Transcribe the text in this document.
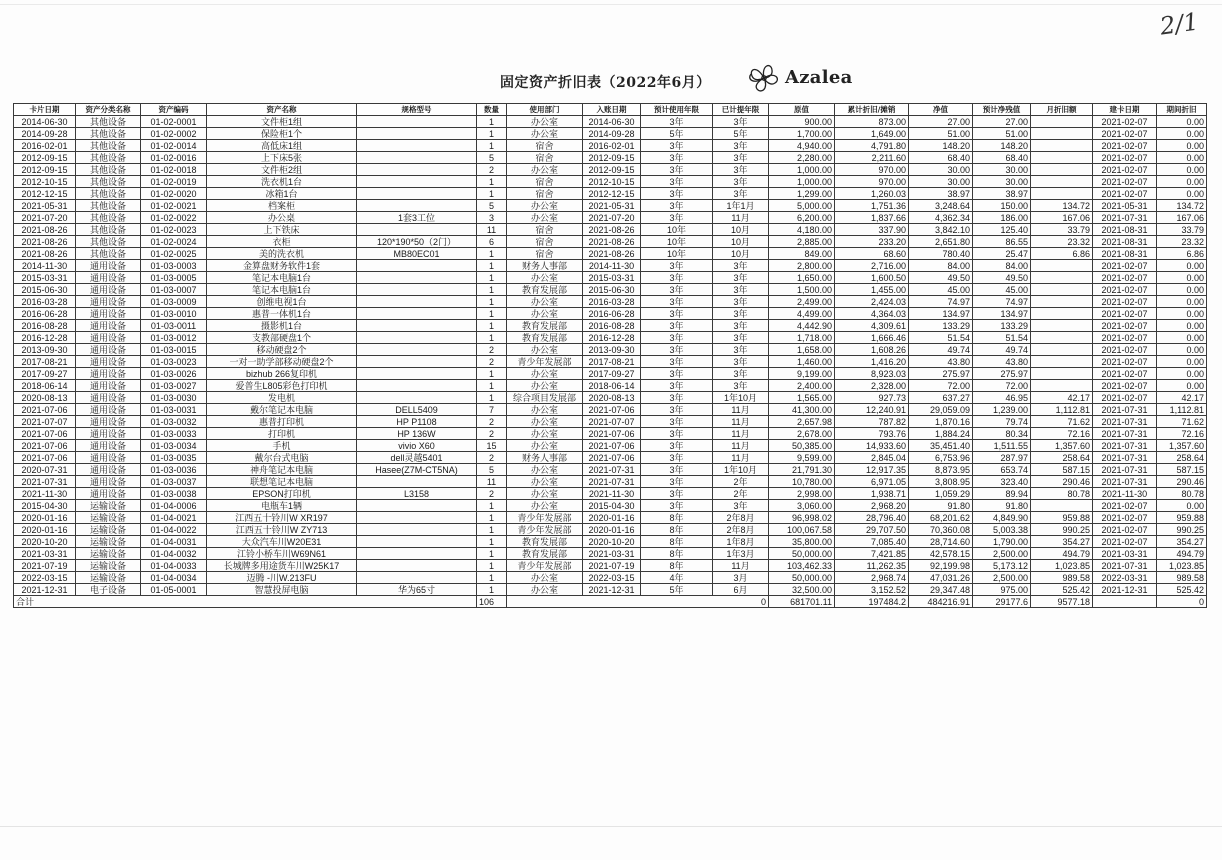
2/1
固定资产折旧表（2022年6月）	Azalea
卡片日期	资产分类名称	资产编码	资产名称	规格型号	数量	使用部门	入账日期	预计使用年限	已计提年限	原值	累计折旧/摊销	净值	预计净残值	月折旧额	建卡日期	期间折旧
2014-06-30	其他设备	01-02-0001	文件柜1组		1	办公室	2014-06-30	3年	3年	900.00	873.00	27.00	27.00		2021-02-07	0.00
2014-09-28	其他设备	01-02-0002	保险柜1个		1	办公室	2014-09-28	5年	5年	1,700.00	1,649.00	51.00	51.00		2021-02-07	0.00
2016-02-01	其他设备	01-02-0014	高低床1组		1	宿舍	2016-02-01	3年	3年	4,940.00	4,791.80	148.20	148.20		2021-02-07	0.00
2012-09-15	其他设备	01-02-0016	上下床5张		5	宿舍	2012-09-15	3年	3年	2,280.00	2,211.60	68.40	68.40		2021-02-07	0.00
2012-09-15	其他设备	01-02-0018	文件柜2组		2	办公室	2012-09-15	3年	3年	1,000.00	970.00	30.00	30.00		2021-02-07	0.00
2012-10-15	其他设备	01-02-0019	洗衣机1台		1	宿舍	2012-10-15	3年	3年	1,000.00	970.00	30.00	30.00		2021-02-07	0.00
2012-12-15	其他设备	01-02-0020	冰箱1台		1	宿舍	2012-12-15	3年	3年	1,299.00	1,260.03	38.97	38.97		2021-02-07	0.00
2021-05-31	其他设备	01-02-0021	档案柜		5	办公室	2021-05-31	3年	1年1月	5,000.00	1,751.36	3,248.64	150.00	134.72	2021-05-31	134.72
2021-07-20	其他设备	01-02-0022	办公桌	1套3工位	3	办公室	2021-07-20	3年	11月	6,200.00	1,837.66	4,362.34	186.00	167.06	2021-07-31	167.06
2021-08-26	其他设备	01-02-0023	上下铁床		11	宿舍	2021-08-26	10年	10月	4,180.00	337.90	3,842.10	125.40	33.79	2021-08-31	33.79
2021-08-26	其他设备	01-02-0024	衣柜	120*190*50（2门）	6	宿舍	2021-08-26	10年	10月	2,885.00	233.20	2,651.80	86.55	23.32	2021-08-31	23.32
2021-08-26	其他设备	01-02-0025	美的洗衣机	MB80EC01	1	宿舍	2021-08-26	10年	10月	849.00	68.60	780.40	25.47	6.86	2021-08-31	6.86
2014-11-30	通用设备	01-03-0003	金算盘财务软件1套		1	财务人事部	2014-11-30	3年	3年	2,800.00	2,716.00	84.00	84.00		2021-02-07	0.00
2015-03-31	通用设备	01-03-0005	笔记本电脑1台		1	办公室	2015-03-31	3年	3年	1,650.00	1,600.50	49.50	49.50		2021-02-07	0.00
2015-06-30	通用设备	01-03-0007	笔记本电脑1台		1	教育发展部	2015-06-30	3年	3年	1,500.00	1,455.00	45.00	45.00		2021-02-07	0.00
2016-03-28	通用设备	01-03-0009	创维电视1台		1	办公室	2016-03-28	3年	3年	2,499.00	2,424.03	74.97	74.97		2021-02-07	0.00
2016-06-28	通用设备	01-03-0010	惠普一体机1台		1	办公室	2016-06-28	3年	3年	4,499.00	4,364.03	134.97	134.97		2021-02-07	0.00
2016-08-28	通用设备	01-03-0011	摄影机1台		1	教育发展部	2016-08-28	3年	3年	4,442.90	4,309.61	133.29	133.29		2021-02-07	0.00
2016-12-28	通用设备	01-03-0012	支教部硬盘1个		1	教育发展部	2016-12-28	3年	3年	1,718.00	1,666.46	51.54	51.54		2021-02-07	0.00
2013-09-30	通用设备	01-03-0015	移动硬盘2个		2	办公室	2013-09-30	3年	3年	1,658.00	1,608.26	49.74	49.74		2021-02-07	0.00
2017-08-21	通用设备	01-03-0023	一对一助学部移动硬盘2个		2	青少年发展部	2017-08-21	3年	3年	1,460.00	1,416.20	43.80	43.80		2021-02-07	0.00
2017-09-27	通用设备	01-03-0026	bizhub 266复印机		1	办公室	2017-09-27	3年	3年	9,199.00	8,923.03	275.97	275.97		2021-02-07	0.00
2018-06-14	通用设备	01-03-0027	爱普生L805彩色打印机		1	办公室	2018-06-14	3年	3年	2,400.00	2,328.00	72.00	72.00		2021-02-07	0.00
2020-08-13	通用设备	01-03-0030	发电机		1	综合项目发展部	2020-08-13	3年	1年10月	1,565.00	927.73	637.27	46.95	42.17	2021-02-07	42.17
2021-07-06	通用设备	01-03-0031	戴尔笔记本电脑	DELL5409	7	办公室	2021-07-06	3年	11月	41,300.00	12,240.91	29,059.09	1,239.00	1,112.81	2021-07-31	1,112.81
2021-07-07	通用设备	01-03-0032	惠普打印机	HP P1108	2	办公室	2021-07-07	3年	11月	2,657.98	787.82	1,870.16	79.74	71.62	2021-07-31	71.62
2021-07-06	通用设备	01-03-0033	打印机	HP 136W	2	办公室	2021-07-06	3年	11月	2,678.00	793.76	1,884.24	80.34	72.16	2021-07-31	72.16
2021-07-06	通用设备	01-03-0034	手机	vivio X60	15	办公室	2021-07-06	3年	11月	50,385.00	14,933.60	35,451.40	1,511.55	1,357.60	2021-07-31	1,357.60
2021-07-06	通用设备	01-03-0035	戴尔台式电脑	dell灵越5401	2	财务人事部	2021-07-06	3年	11月	9,599.00	2,845.04	6,753.96	287.97	258.64	2021-07-31	258.64
2020-07-31	通用设备	01-03-0036	神舟笔记本电脑	Hasee(Z7M-CT5NA)	5	办公室	2021-07-31	3年	1年10月	21,791.30	12,917.35	8,873.95	653.74	587.15	2021-07-31	587.15
2021-07-31	通用设备	01-03-0037	联想笔记本电脑		11	办公室	2021-07-31	3年	2年	10,780.00	6,971.05	3,808.95	323.40	290.46	2021-07-31	290.46
2021-11-30	通用设备	01-03-0038	EPSON打印机	L3158	2	办公室	2021-11-30	3年	2年	2,998.00	1,938.71	1,059.29	89.94	80.78	2021-11-30	80.78
2015-04-30	运输设备	01-04-0006	电瓶车1辆		1	办公室	2015-04-30	3年	3年	3,060.00	2,968.20	91.80	91.80		2021-02-07	0.00
2020-01-16	运输设备	01-04-0021	江西五十铃川W XR197		1	青少年发展部	2020-01-16	8年	2年8月	96,998.02	28,796.40	68,201.62	4,849.90	959.88	2021-02-07	959.88
2020-01-16	运输设备	01-04-0022	江西五十铃川W ZY713		1	青少年发展部	2020-01-16	8年	2年8月	100,067.58	29,707.50	70,360.08	5,003.38	990.25	2021-02-07	990.25
2020-10-20	运输设备	01-04-0031	大众汽车川W20E31		1	教育发展部	2020-10-20	8年	1年8月	35,800.00	7,085.40	28,714.60	1,790.00	354.27	2021-02-07	354.27
2021-03-31	运输设备	01-04-0032	江铃小桥车川W69N61		1	教育发展部	2021-03-31	8年	1年3月	50,000.00	7,421.85	42,578.15	2,500.00	494.79	2021-03-31	494.79
2021-07-19	运输设备	01-04-0033	长城牌多用途货车川W25K17		1	青少年发展部	2021-07-19	8年	11月	103,462.33	11,262.35	92,199.98	5,173.12	1,023.85	2021-07-31	1,023.85
2022-03-15	运输设备	01-04-0034	迈腾 -川W.213FU		1	办公室	2022-03-15	4年	3月	50,000.00	2,968.74	47,031.26	2,500.00	989.58	2022-03-31	989.58
2021-12-31	电子设备	01-05-0001	智慧投屏电脑	华为65寸	1	办公室	2021-12-31	5年	6月	32,500.00	3,152.52	29,347.48	975.00	525.42	2021-12-31	525.42
合计					106	0				681701.11	197484.2	484216.91	29177.6	9577.18		0
